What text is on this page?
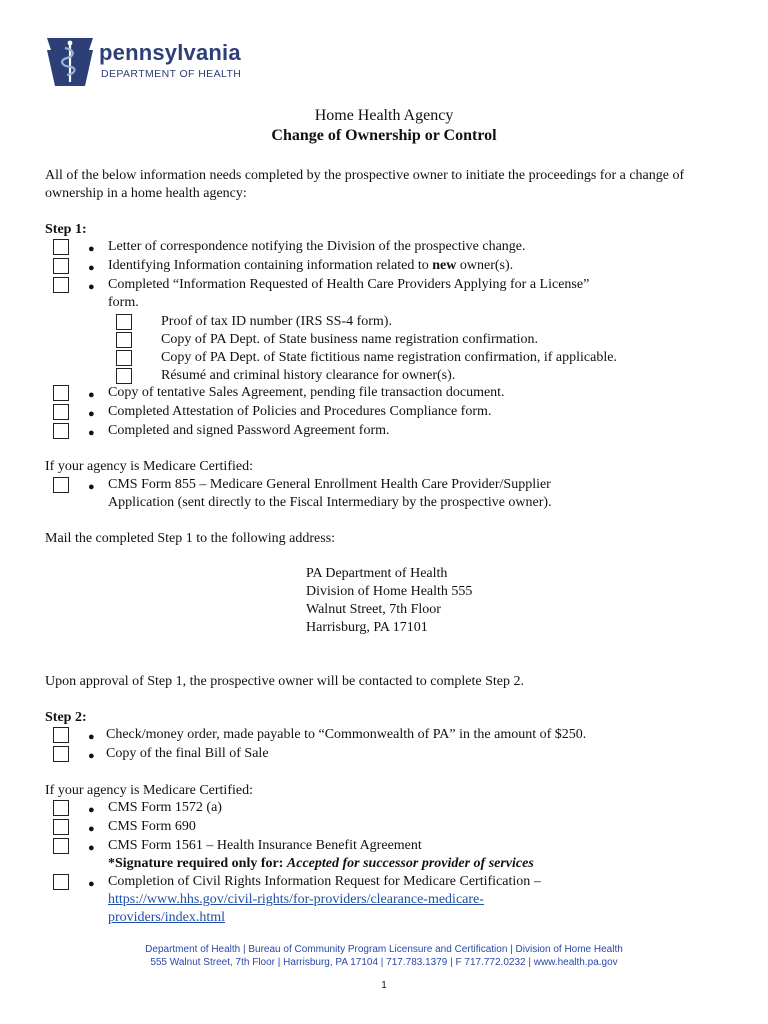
pennsylvania
DEPARTMENT OF HEALTH
Home Health Agency
Change of Ownership or Control
All of the below information needs completed by the prospective owner to initiate the proceedings for a change of ownership in a home health agency:
Step 1:
● Letter of correspondence notifying the Division of the prospective change.
● Identifying Information containing information related to new owner(s).
● Completed “Information Requested of Health Care Providers Applying for a License”
form.
Proof of tax ID number (IRS SS-4 form).
Copy of PA Dept. of State business name registration confirmation.
Copy of PA Dept. of State fictitious name registration confirmation, if applicable.
Résumé and criminal history clearance for owner(s).
● Copy of tentative Sales Agreement, pending file transaction document.
● Completed Attestation of Policies and Procedures Compliance form.
● Completed and signed Password Agreement form.
If your agency is Medicare Certified:
● CMS Form 855 – Medicare General Enrollment Health Care Provider/Supplier
Application (sent directly to the Fiscal Intermediary by the prospective owner).
Mail the completed Step 1 to the following address:
PA Department of Health
Division of Home Health 555
Walnut Street, 7th Floor
Harrisburg, PA 17101
Upon approval of Step 1, the prospective owner will be contacted to complete Step 2.
Step 2:
● Check/money order, made payable to “Commonwealth of PA” in the amount of $250.
● Copy of the final Bill of Sale
If your agency is Medicare Certified:
● CMS Form 1572 (a)
● CMS Form 690
● CMS Form 1561 – Health Insurance Benefit Agreement
*Signature required only for: Accepted for successor provider of services
● Completion of Civil Rights Information Request for Medicare Certification –
https://www.hhs.gov/civil-rights/for-providers/clearance-medicare-
providers/index.html
Department of Health | Bureau of Community Program Licensure and Certification | Division of Home Health
555 Walnut Street, 7th Floor | Harrisburg, PA 17104 | 717.783.1379 | F 717.772.0232 | www.health.pa.gov
1
